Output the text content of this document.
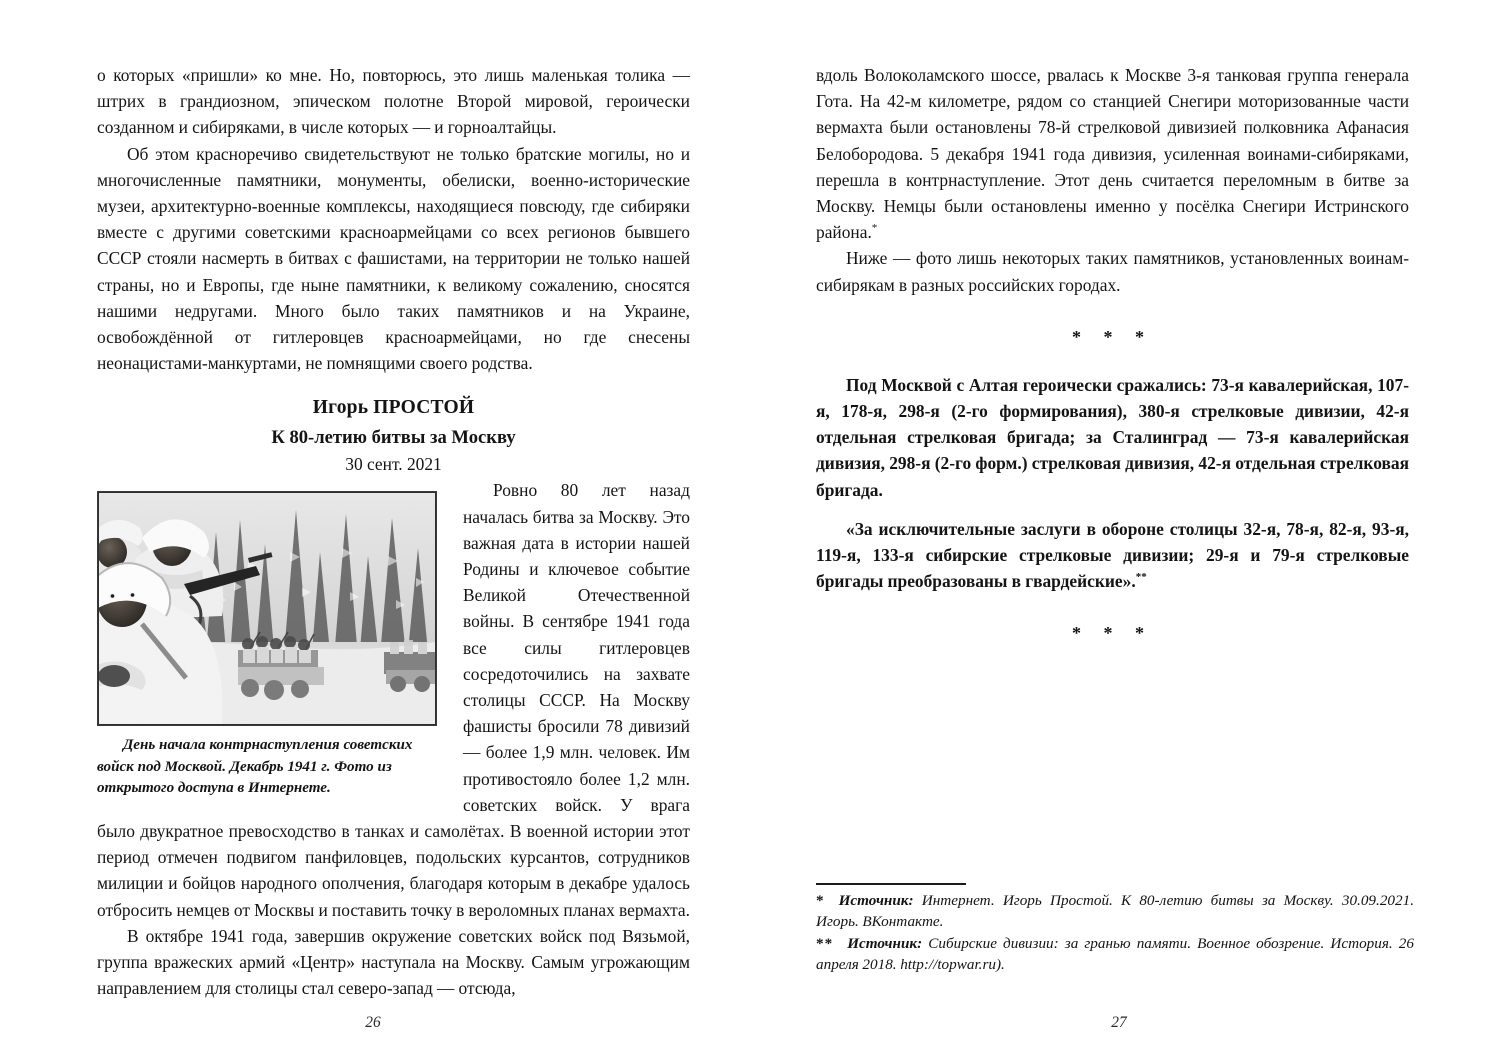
о которых «пришли» ко мне. Но, повторюсь, это лишь маленькая толика — штрих в грандиозном, эпическом полотне Второй мировой, героически созданном и сибиряками, в числе которых — и горноалтайцы.

Об этом красноречиво свидетельствуют не только братские могилы, но и многочисленные памятники, монументы, обелиски, военно-исторические музеи, архитектурно-военные комплексы, находящиеся повсюду, где сибиряки вместе с другими советскими красноармейцами со всех регионов бывшего СССР стояли насмерть в битвах с фашистами, на территории не только нашей страны, но и Европы, где ныне памятники, к великому сожалению, сносятся нашими недругами. Много было таких памятников и на Украине, освобождённой от гитлеровцев красноармейцами, но где снесены неонацистами-манкуртами, не помнящими своего родства.

Игорь ПРОСТОЙ
К 80-летию битвы за Москву
30 сент. 2021
День начала контрнаступления советских войск под Москвой. Декабрь 1941 г. Фото из открытого доступа в Интернете.

Ровно 80 лет назад началась битва за Москву. Это важная дата в истории нашей Родины и ключевое событие Великой Отечественной войны. В сентябре 1941 года все силы гитлеровцев сосредоточились на захвате столицы СССР. На Москву фашисты бросили 78 дивизий — более 1,9 млн. человек. Им противостояло более 1,2 млн. советских войск. У врага было двукратное превосходство в танках и самолётах. В военной истории этот период отмечен подвигом панфиловцев, подольских курсантов, сотрудников милиции и бойцов народного ополчения, благодаря которым в декабре удалось отбросить немцев от Москвы и поставить точку в вероломных планах вермахта.

В октябре 1941 года, завершив окружение советских войск под Вязьмой, группа вражеских армий «Центр» наступала на Москву. Самым угрожающим направлением для столицы стал северо-запад — отсюда,

26

вдоль Волоколамского шоссе, рвалась к Москве 3-я танковая группа генерала Гота. На 42-м километре, рядом со станцией Снегири моторизованные части вермахта были остановлены 78-й стрелковой дивизией полковника Афанасия Белобородова. 5 декабря 1941 года дивизия, усиленная воинами-сибиряками, перешла в контрнаступление. Этот день считается переломным в битве за Москву. Немцы были остановлены именно у посёлка Снегири Истринского района.*

Ниже — фото лишь некоторых таких памятников, установленных воинам-сибирякам в разных российских городах.

* * *

Под Москвой с Алтая героически сражались: 73-я кавалерийская, 107-я, 178-я, 298-я (2-го формирования), 380-я стрелковые дивизии, 42-я отдельная стрелковая бригада; за Сталинград — 73-я кавалерийская дивизия, 298-я (2-го форм.) стрелковая дивизия, 42-я отдельная стрелковая бригада.

«За исключительные заслуги в обороне столицы 32-я, 78-я, 82-я, 93-я, 119-я, 133-я сибирские стрелковые дивизии; 29-я и 79-я стрелковые бригады преобразованы в гвардейские».**

* * *

* Источник: Интернет. Игорь Простой. К 80-летию битвы за Москву. 30.09.2021. Игорь. ВКонтакте.

** Источник: Сибирские дивизии: за гранью памяти. Военное обозрение. История. 26 апреля 2018. http://topwar.ru).

27
